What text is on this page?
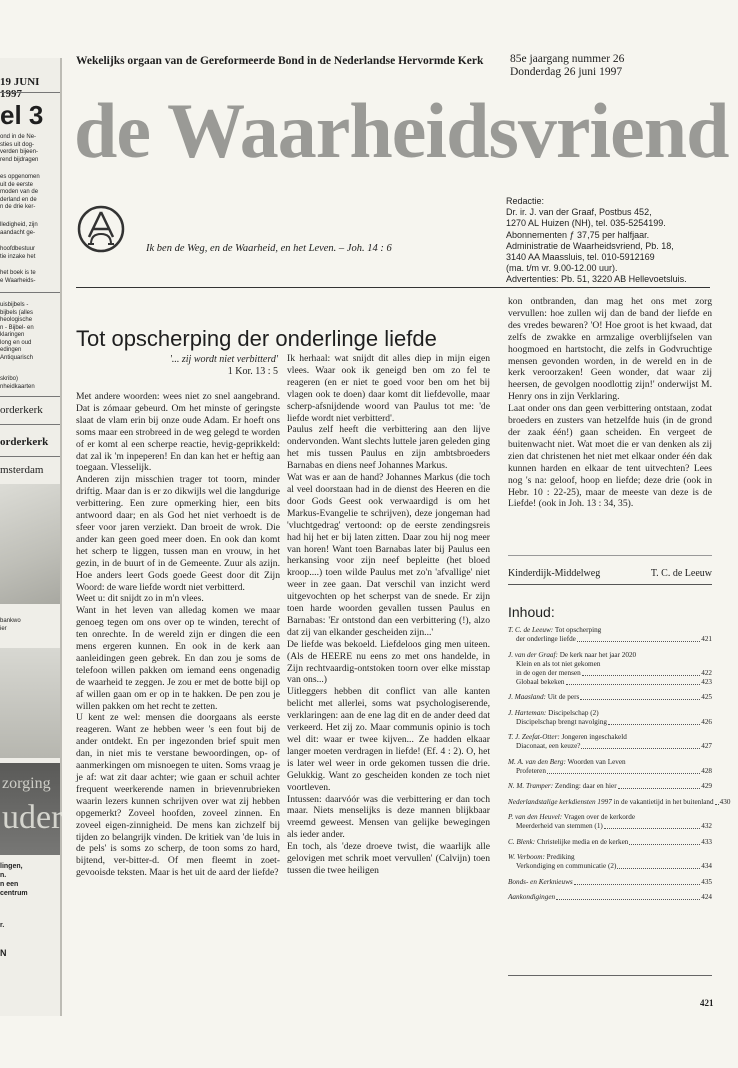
19 JUNI 1997
el 3
ond in de Ne-
sties uit dog-
verden bijeen-
rend bijdragen
es opgenomen
uit de eerste
moden van de
derland en de
n de drie ker-
lledigheid, zijn
aandacht ge-
hoofdbestuur
tie inzake het
het boek is te
e Waarheids-
uisbijbels -
bijbels (alles
heologische
n - Bijbel- en
klaringen
long en oud
edingen
Antiquarisch
skribo)
nheidkaarten
orderkerk
orderkerk
msterdam
bankwo
ier
zorging
uder
lingen,
n.
n een
centrum
r.
N
Wekelijks orgaan van de Gereformeerde Bond in de Nederlandse Hervormde Kerk 85e jaargang nummer 26
Donderdag 26 juni 1997
de Waarheidsvriend
Ik ben de Weg, en de Waarheid, en het Leven. – Joh. 14 : 6
Redactie:
Dr. ir. J. van der Graaf, Postbus 452,
1270 AL Huizen (NH), tel. 035-5254199.
Abonnementen ƒ 37,75 per halfjaar.
Administratie de Waarheidsvriend, Pb. 18,
3140 AA Maassluis, tel. 010-5912169
(ma. t/m vr. 9.00-12.00 uur).
Advertenties: Pb. 51, 3220 AB Hellevoetsluis.
Tot opscherping der onderlinge liefde
'... zij wordt niet verbitterd'
1 Kor. 13 : 5

Met andere woorden: wees niet zo snel aangebrand. Dat is zómaar gebeurd. Om het minste of geringste slaat de vlam erin bij onze oude Adam. Er hoeft ons soms maar een strobreed in de weg gelegd te worden of er komt al een scherpe reactie, hevig-geprikkeld: dat zal ik 'm inpeperen! En dan kan het er heftig aan toegaan. Vlesselijk.

Anderen zijn misschien trager tot toorn, minder driftig. Maar dan is er zo dikwijls wel die langdurige verbittering. Een zure opmerking hier, een bits antwoord daar; en als God het niet verhoedt is de sfeer voor jaren verziekt. Dan broeit de wrok. Die ander kan geen goed meer doen. En ook dan komt het scherp te liggen, tussen man en vrouw, in het gezin, in de buurt of in de Gemeente. Zuur als azijn. Hoe anders leert Gods goede Geest door dit Zijn Woord: de ware liefde wordt niet verbitterd.

Weet u: dit snijdt zo in m'n vlees.

Want in het leven van alledag komen we maar genoeg tegen om ons over op te winden, terecht of ten onrechte. In de wereld zijn er dingen die een mens ergeren kunnen. En ook in de kerk aan aanleidingen geen gebrek. En dan zou je soms de telefoon willen pakken om iemand eens ongenadig de waarheid te zeggen. Je zou er met de botte bijl op af willen gaan om er op in te hakken. De pen zou je willen pakken om het recht te zetten.

U kent ze wel: mensen die doorgaans als eerste reageren. Want ze hebben weer 's een fout bij de ander ontdekt. En per ingezonden brief spuit men dan, in niet mis te verstane bewoordingen, op- of aanmerkingen om misnoegen te uiten. Soms vraag je je af: wat zit daar achter; wie gaan er schuil achter frequent weerkerende namen in brievenrubrieken waarin lezers kunnen schrijven over wat zij hebben opgemerkt? Zoveel hoofden, zoveel zinnen. En zoveel eigen-zinnigheid. De mens kan zichzelf bij tijden zo belangrijk vinden. De kritiek van 'de luis in de pels' is soms zo scherp, de toon soms zo hard, bijtend, ver-bitter-d. Of men fleemt in zoet-gevooisde teksten. Maar is het uit de aard der liefde?

Ik herhaal: wat snijdt dit alles diep in mijn eigen vlees. Waar ook ik geneigd ben om zo fel te reageren (en er niet te goed voor ben om het bij vlagen ook te doen) daar komt dit liefdevolle, maar scherp-afsnijdende woord van Paulus tot me: 'de liefde wordt niet verbitterd'.

Paulus zelf heeft die verbittering aan den lijve ondervonden. Want slechts luttele jaren geleden ging het mis tussen Paulus en zijn ambtsbroeders Barnabas en diens neef Johannes Markus.

Wat was er aan de hand? Johannes Markus (die toch al veel doorstaan had in de dienst des Heeren en die door Gods Geest ook verwaardigd is om het Markus-Evangelie te schrijven), deze jongeman had 'vluchtgedrag' vertoond: op de eerste zendingsreis had hij het er bij laten zitten. Daar zou hij nog meer van horen! Want toen Barnabas later bij Paulus een herkansing voor zijn neef bepleitte (het bloed kroop....) toen wilde Paulus met zo'n 'afvallige' niet weer in zee gaan. Dat verschil van inzicht werd uitgevochten op het scherpst van de snede. Er zijn toen harde woorden gevallen tussen Paulus en Barnabas: 'Er ontstond dan een verbittering (!), alzo dat zij van elkander gescheiden zijn...'

De liefde was bekoeld. Liefdeloos ging men uiteen. (Als de HEERE nu eens zo met ons handelde, in Zijn rechtvaardig-ontstoken toorn over elke misstap van ons...)

Uitleggers hebben dit conflict van alle kanten belicht met allerlei, soms wat psychologiserende, verklaringen: aan de ene lag dit en de ander deed dat verkeerd. Het zij zo. Maar communis opinio is toch wel dit: waar er twee kijven... Ze hadden elkaar langer moeten verdragen in liefde! (Ef. 4 : 2). O, het is later wel weer in orde gekomen tussen die drie. Gelukkig. Want zo gescheiden konden ze toch niet voortleven.

Intussen: daarvóór was die verbittering er dan toch maar. Niets menselijks is deze mannen blijkbaar vreemd geweest. Mensen van gelijke bewegingen als ieder ander.

En toch, als 'deze droeve twist, die waarlijk alle gelovigen met schrik moet vervullen' (Calvijn) toen tussen die twee heiligen

kon ontbranden, dan mag het ons met zorg vervullen: hoe zullen wij dan de band der liefde en des vredes bewaren? 'O! Hoe groot is het kwaad, dat zelfs de zwakke en armzalige overblijfselen van hoogmoed en hartstocht, die zelfs in Godvruchtige mensen gevonden worden, in de wereld en in de kerk veroorzaken! Geen wonder, dat waar zij heersen, de gevolgen noodlottig zijn!' onderwijst M. Henry ons in zijn Verklaring.

Laat onder ons dan geen verbittering ontstaan, zodat broeders en zusters van hetzelfde huis (in de grond der zaak één!) gaan scheiden. En vergeet de buitenwacht niet. Wat moet die er van denken als zij zien dat christenen het niet met elkaar onder één dak kunnen harden en elkaar de tent uitvechten? Lees nog 's na: geloof, hoop en liefde; deze drie (ook in Hebr. 10 : 22-25), maar de meeste van deze is de Liefde! (ook in Joh. 13 : 34, 35).

Kinderdijk-Middelweg	T. C. de Leeuw
Inhoud:
T. C. de Leeuw: Tot opscherping
der onderlinge liefde	421
J. van der Graaf: De kerk naar het jaar 2020
Klein en als tot niet gekomen
in de ogen der mensen	422
Globaal bekeken	423
J. Maasland: Uit de pers	425
J. Harteman: Discipelschap (2)
Discipelschap brengt navolging	426
T. J. Zeefat-Otter: Jongeren ingeschakeld
Diaconaat, een keuze?	427
M. A. van den Berg: Woorden van Leven
Profeteren	428
N. M. Tramper: Zending: daar en hier	429
Nederlandstalige kerkdiensten 1997 in de vakantietijd in het buitenland 430
P. van den Heuvel: Vragen over de kerkorde
Meerderheid van stemmen (1)	432
C. Blenk: Christelijke media en de kerken	433
W. Verboom: Prediking
Verkondiging en communicatie (2)	434
Bonds- en Kerknieuws	435
Aankondigingen	424
421
